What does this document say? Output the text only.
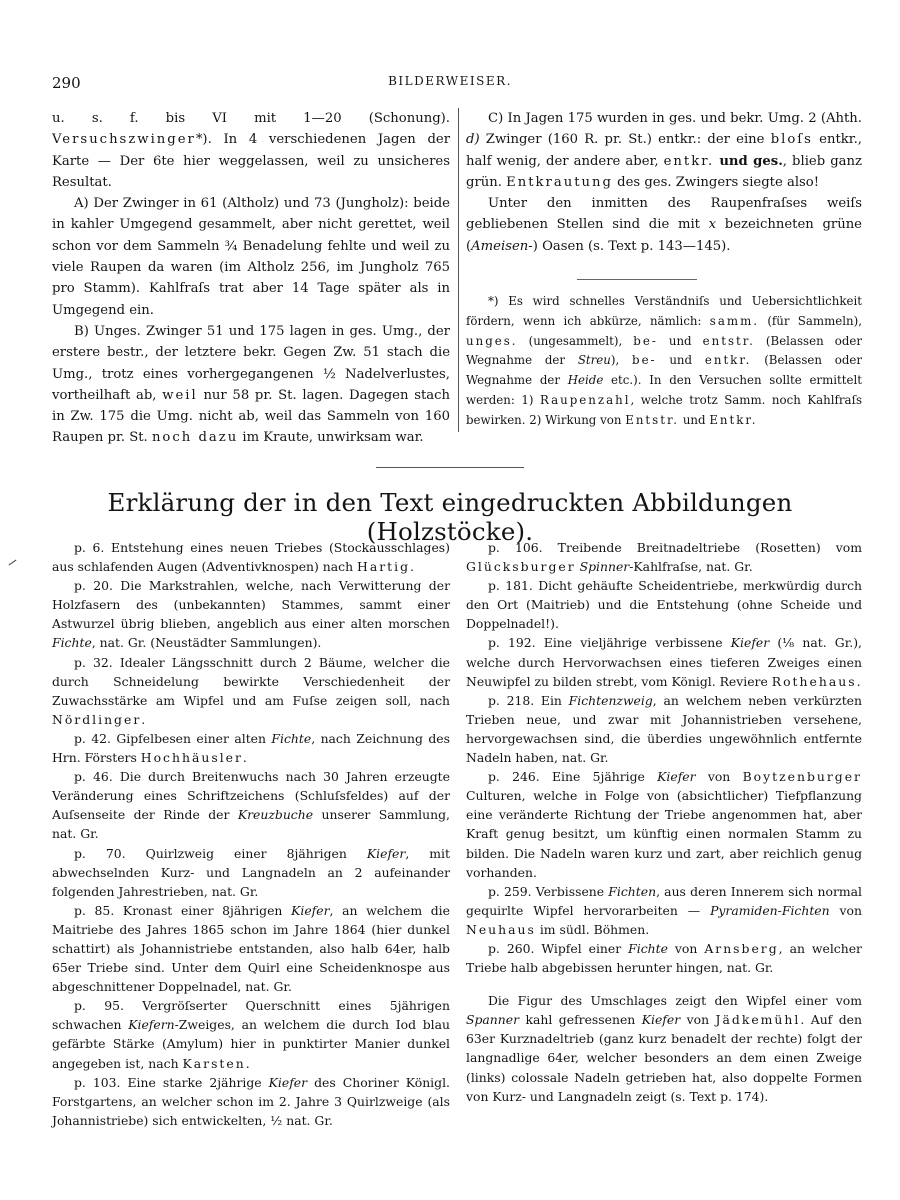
290	BILDERWEISER.

u. s. f. bis VI mit 1—20 (Schonung). Versuchszwinger*). In 4 verschiedenen Jagen der Karte — Der 6te hier weggelassen, weil zu unsicheres Resultat.

A) Der Zwinger in 61 (Altholz) und 73 (Jungholz): beide in kahler Umgegend gesammelt, aber nicht gerettet, weil schon vor dem Sammeln ¾ Benadelung fehlte und weil zu viele Raupen da waren (im Altholz 256, im Jungholz 765 pro Stamm). Kahlfraſs trat aber 14 Tage später als in Umgegend ein.

B) Unges. Zwinger 51 und 175 lagen in ges. Umg., der erstere bestr., der letztere bekr. Gegen Zw. 51 stach die Umg., trotz eines vorhergegangenen ½ Nadelverlustes, vortheilhaft ab, weil nur 58 pr. St. lagen. Dagegen stach in Zw. 175 die Umg. nicht ab, weil das Sammeln von 160 Raupen pr. St. noch dazu im Kraute, unwirksam war.

C) In Jagen 175 wurden in ges. und bekr. Umg. 2 (Ahth. d) Zwinger (160 R. pr. St.) entkr.: der eine bloſs entkr., half wenig, der andere aber, entkr. und ges., blieb ganz grün. Entkrautung des ges. Zwingers siegte also!

Unter den inmitten des Raupenfraſses weiſs gebliebenen Stellen sind die mit x bezeichneten grüne (Ameisen-) Oasen (s. Text p. 143—145).

*) Es wird schnelles Verständniſs und Uebersichtlichkeit fördern, wenn ich abkürze, nämlich: samm. (für Sammeln), unges. (ungesammelt), be- und entstr. (Belassen oder Wegnahme der Streu), be- und entkr. (Belassen oder Wegnahme der Heide etc.). In den Versuchen sollte ermittelt werden: 1) Raupenzahl, welche trotz Samm. noch Kahlfraſs bewirken. 2) Wirkung von Entstr. und Entkr.

Erklärung der in den Text eingedruckten Abbildungen (Holzstöcke).

p. 6. Entstehung eines neuen Triebes (Stockausschlages) aus schlafenden Augen (Adventivknospen) nach Hartig.

p. 20. Die Markstrahlen, welche, nach Verwitterung der Holzfasern des (unbekannten) Stammes, sammt einer Astwurzel übrig blieben, angeblich aus einer alten morschen Fichte, nat. Gr. (Neustädter Sammlungen).

p. 32. Idealer Längsschnitt durch 2 Bäume, welcher die durch Schneidelung bewirkte Verschiedenheit der Zuwachsstärke am Wipfel und am Fuſse zeigen soll, nach Nördlinger.

p. 42. Gipfelbesen einer alten Fichte, nach Zeichnung des Hrn. Försters Hochhäusler.

p. 46. Die durch Breitenwuchs nach 30 Jahren erzeugte Veränderung eines Schriftzeichens (Schluſsfeldes) auf der Auſsenseite der Rinde der Kreuzbuche unserer Sammlung, nat. Gr.

p. 70. Quirlzweig einer 8jährigen Kiefer, mit abwechselnden Kurz- und Langnadeln an 2 aufeinander folgenden Jahrestrieben, nat. Gr.

p. 85. Kronast einer 8jährigen Kiefer, an welchem die Maitriebe des Jahres 1865 schon im Jahre 1864 (hier dunkel schattirt) als Johannistriebe entstanden, also halb 64er, halb 65er Triebe sind. Unter dem Quirl eine Scheidenknospe aus abgeschnittener Doppelnadel, nat. Gr.

p. 95. Vergröſserter Querschnitt eines 5jährigen schwachen Kiefern-Zweiges, an welchem die durch Iod blau gefärbte Stärke (Amylum) hier in punktirter Manier dunkel angegeben ist, nach Karsten.

p. 103. Eine starke 2jährige Kiefer des Choriner Königl. Forstgartens, an welcher schon im 2. Jahre 3 Quirlzweige (als Johannistriebe) sich entwickelten, ½ nat. Gr.

p. 106. Treibende Breitnadeltriebe (Rosetten) vom Glücksburger Spinner-Kahlfraſse, nat. Gr.

p. 181. Dicht gehäufte Scheidentriebe, merkwürdig durch den Ort (Maitrieb) und die Entstehung (ohne Scheide und Doppelnadel!).

p. 192. Eine vieljährige verbissene Kiefer (⅛ nat. Gr.), welche durch Hervorwachsen eines tieferen Zweiges einen Neuwipfel zu bilden strebt, vom Königl. Reviere Rothehaus.

p. 218. Ein Fichtenzweig, an welchem neben verkürzten Trieben neue, und zwar mit Johannistrieben versehene, hervorgewachsen sind, die überdies ungewöhnlich entfernte Nadeln haben, nat. Gr.

p. 246. Eine 5jährige Kiefer von Boytzenburger Culturen, welche in Folge von (absichtlicher) Tiefpflanzung eine veränderte Richtung der Triebe angenommen hat, aber Kraft genug besitzt, um künftig einen normalen Stamm zu bilden. Die Nadeln waren kurz und zart, aber reichlich genug vorhanden.

p. 259. Verbissene Fichten, aus deren Innerem sich normal gequirlte Wipfel hervorarbeiten — Pyramiden-Fichten von Neuhaus im südl. Böhmen.

p. 260. Wipfel einer Fichte von Arnsberg, an welcher Triebe halb abgebissen herunter hingen, nat. Gr.

Die Figur des Umschlages zeigt den Wipfel einer vom Spanner kahl gefressenen Kiefer von Jädkemühl. Auf den 63er Kurznadeltrieb (ganz kurz benadelt der rechte) folgt der langnadlige 64er, welcher besonders an dem einen Zweige (links) colossale Nadeln getrieben hat, also doppelte Formen von Kurz- und Langnadeln zeigt (s. Text p. 174).
